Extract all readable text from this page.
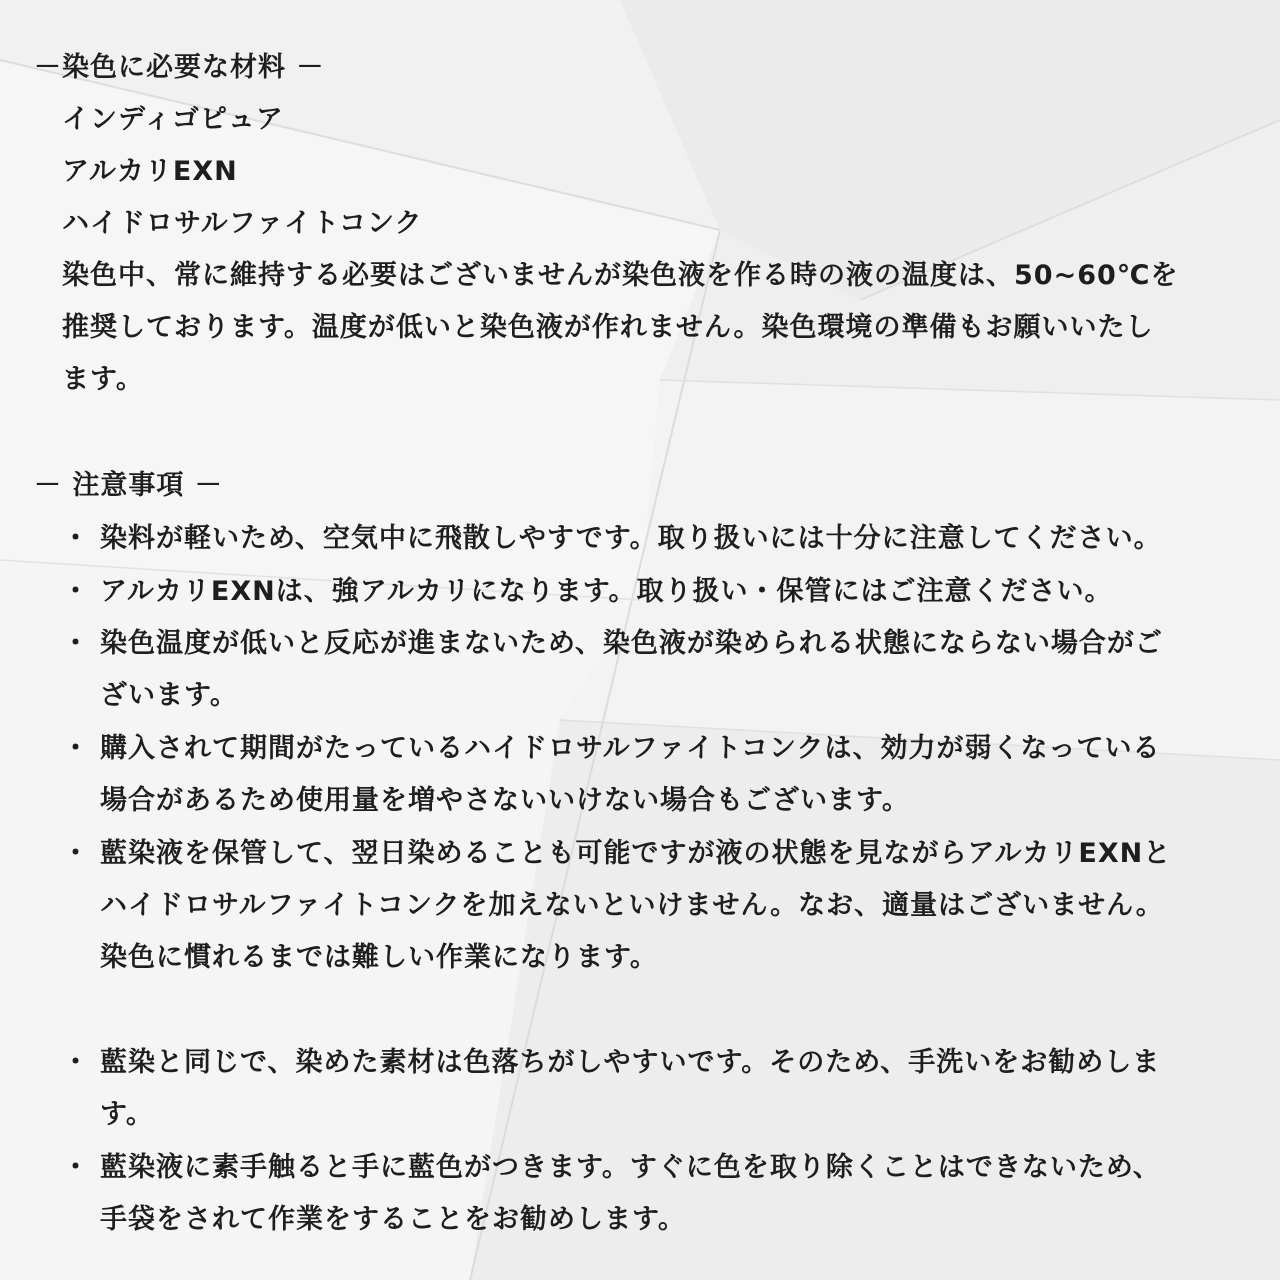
－染色に必要な材料 －
インディゴピュア
アルカリEXN
ハイドロサルファイトコンク
染色中、常に維持する必要はございませんが染色液を作る時の液の温度は、50~60℃を
推奨しております。温度が低いと染色液が作れません。染色環境の準備もお願いいたし
ます。
－ 注意事項 －
・ 染料が軽いため、空気中に飛散しやすです。取り扱いには十分に注意してください。
・ アルカリEXNは、強アルカリになります。取り扱い・保管にはご注意ください。
・ 染色温度が低いと反応が進まないため、染色液が染められる状態にならない場合がご
ざいます。
・ 購入されて期間がたっているハイドロサルファイトコンクは、効力が弱くなっている
場合があるため使用量を増やさないいけない場合もございます。
・ 藍染液を保管して、翌日染めることも可能ですが液の状態を見ながらアルカリEXNと
ハイドロサルファイトコンクを加えないといけません。なお、適量はございません。
染色に慣れるまでは難しい作業になります。
・ 藍染と同じで、染めた素材は色落ちがしやすいです。そのため、手洗いをお勧めしま
す。
・ 藍染液に素手触ると手に藍色がつきます。すぐに色を取り除くことはできないため、
手袋をされて作業をすることをお勧めします。
